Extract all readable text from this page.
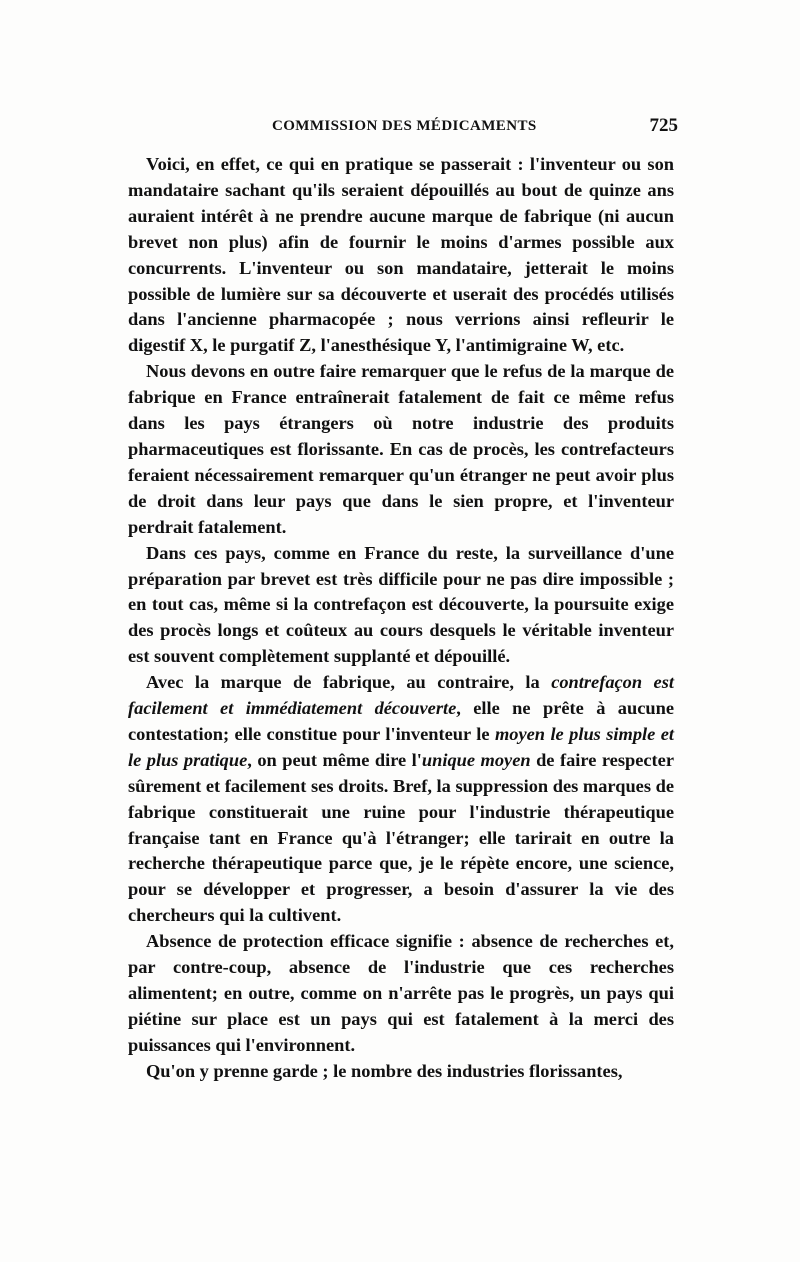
COMMISSION DES MÉDICAMENTS	725

Voici, en effet, ce qui en pratique se passerait : l'inventeur ou son mandataire sachant qu'ils seraient dépouillés au bout de quinze ans auraient intérêt à ne prendre aucune marque de fabrique (ni aucun brevet non plus) afin de fournir le moins d'armes possible aux concurrents. L'inventeur ou son mandataire, jetterait le moins possible de lumière sur sa découverte et userait des procédés utilisés dans l'ancienne pharmacopée ; nous verrions ainsi refleurir le digestif X, le purgatif Z, l'anesthésique Y, l'antimigraine W, etc.

Nous devons en outre faire remarquer que le refus de la marque de fabrique en France entraînerait fatalement de fait ce même refus dans les pays étrangers où notre industrie des produits pharmaceutiques est florissante. En cas de procès, les contrefacteurs feraient nécessairement remarquer qu'un étranger ne peut avoir plus de droit dans leur pays que dans le sien propre, et l'inventeur perdrait fatalement.

Dans ces pays, comme en France du reste, la surveillance d'une préparation par brevet est très difficile pour ne pas dire impossible ; en tout cas, même si la contrefaçon est découverte, la poursuite exige des procès longs et coûteux au cours desquels le véritable inventeur est souvent complètement supplanté et dépouillé.

Avec la marque de fabrique, au contraire, la contrefaçon est facilement et immédiatement découverte, elle ne prête à aucune contestation; elle constitue pour l'inventeur le moyen le plus simple et le plus pratique, on peut même dire l'unique moyen de faire respecter sûrement et facilement ses droits. Bref, la suppression des marques de fabrique constituerait une ruine pour l'industrie thérapeutique française tant en France qu'à l'étranger; elle tarirait en outre la recherche thérapeutique parce que, je le répète encore, une science, pour se développer et progresser, a besoin d'assurer la vie des chercheurs qui la cultivent.

Absence de protection efficace signifie : absence de recherches et, par contre-coup, absence de l'industrie que ces recherches alimentent; en outre, comme on n'arrête pas le progrès, un pays qui piétine sur place est un pays qui est fatalement à la merci des puissances qui l'environnent.

Qu'on y prenne garde ; le nombre des industries florissantes,
